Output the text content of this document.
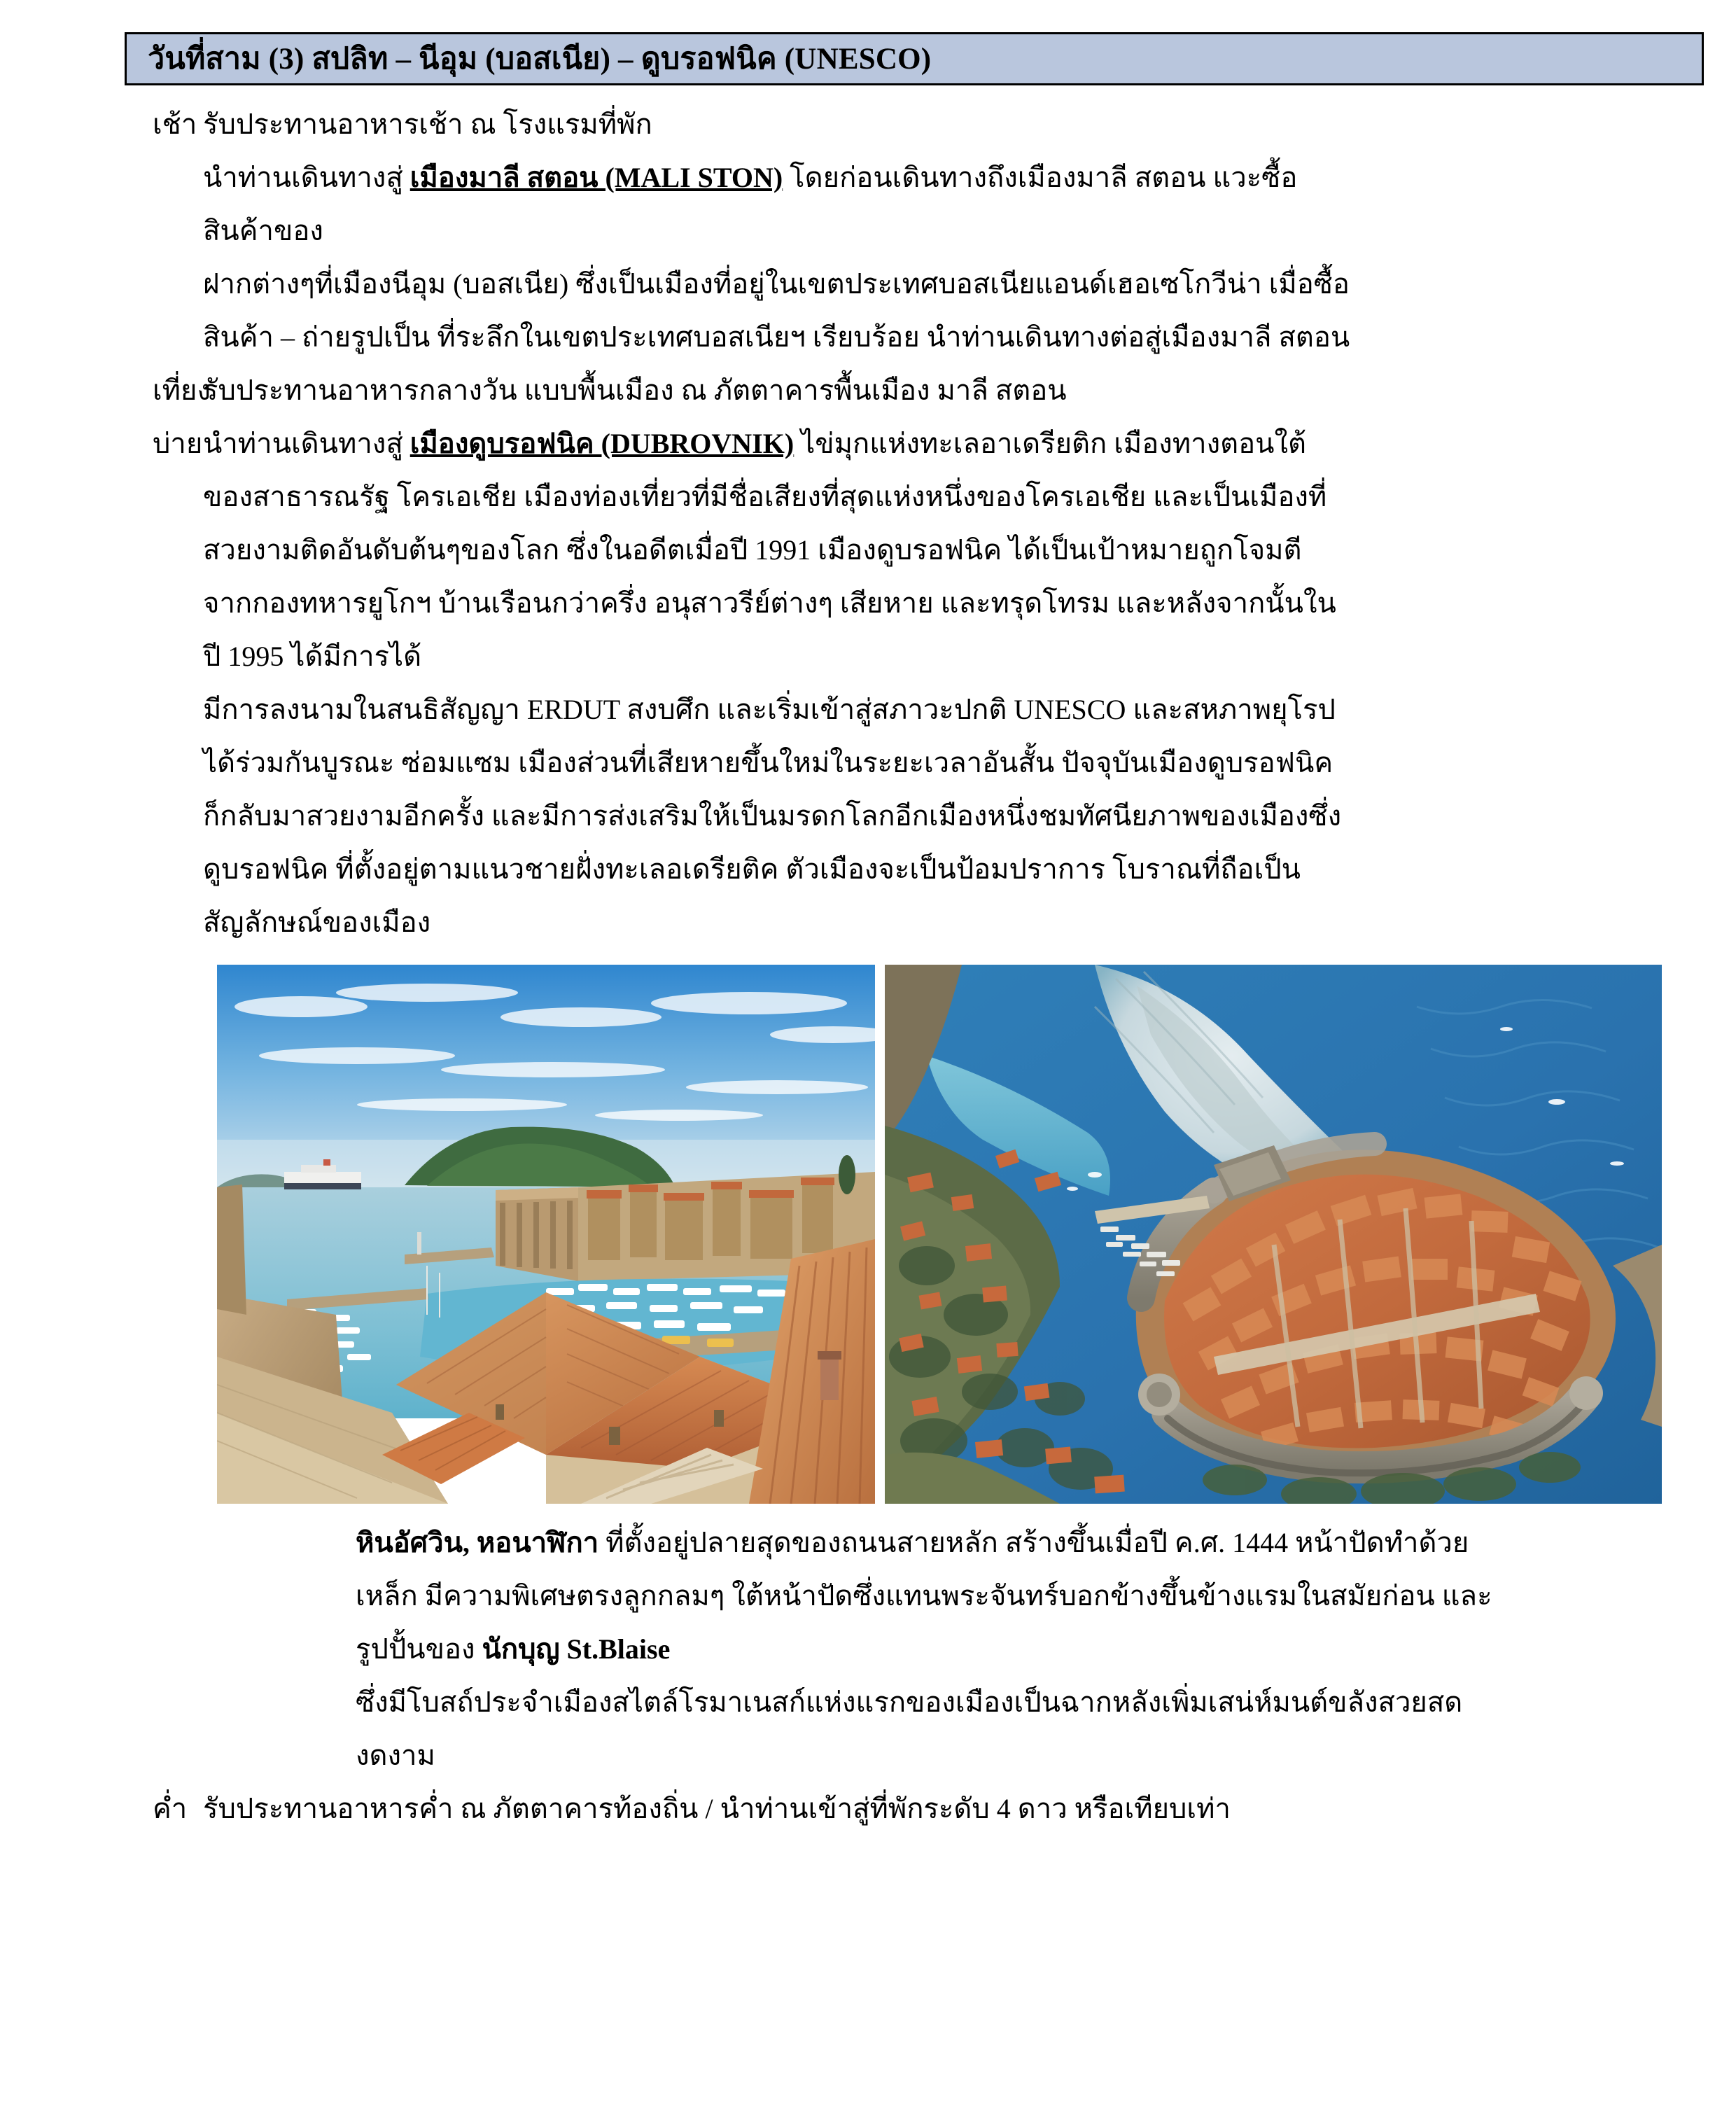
วันที่สาม (3) สปลิท – นีอุม (บอสเนีย) – ดูบรอฟนิค (UNESCO)
เช้า รับประทานอาหารเช้า ณ โรงแรมที่พัก

นำท่านเดินทางสู่ เมืองมาลี สตอน (MALI STON) โดยก่อนเดินทางถึงเมืองมาลี สตอน แวะซื้อ

สินค้าของ

ฝากต่างๆที่เมืองนีอุม (บอสเนีย) ซึ่งเป็นเมืองที่อยู่ในเขตประเทศบอสเนียแอนด์เฮอเซโกวีน่า เมื่อซื้อ

สินค้า – ถ่ายรูปเป็น ที่ระลึกในเขตประเทศบอสเนียฯ เรียบร้อย นำท่านเดินทางต่อสู่เมืองมาลี สตอน

เที่ยง

รับประทานอาหารกลางวัน แบบพื้นเมือง ณ ภัตตาคารพื้นเมือง มาลี สตอน

บ่าย นำท่านเดินทางสู่ เมืองดูบรอฟนิค (DUBROVNIK) ไข่มุกแห่งทะเลอาเดรียติก เมืองทางตอนใต้

ของสาธารณรัฐ โครเอเชีย เมืองท่องเที่ยวที่มีชื่อเสียงที่สุดแห่งหนึ่งของโครเอเชีย และเป็นเมืองที่

สวยงามติดอันดับต้นๆของโลก ซึ่งในอดีตเมื่อปี 1991 เมืองดูบรอฟนิค ได้เป็นเป้าหมายถูกโจมตี

จากกองทหารยูโกฯ บ้านเรือนกว่าครึ่ง อนุสาวรีย์ต่างๆ เสียหาย และทรุดโทรม และหลังจากนั้นใน

ปี 1995 ได้มีการได้

มีการลงนามในสนธิสัญญา ERDUT สงบศึก และเริ่มเข้าสู่สภาวะปกติ UNESCO และสหภาพยุโรป

ได้ร่วมกันบูรณะ ซ่อมแซม เมืองส่วนที่เสียหายขึ้นใหม่ในระยะเวลาอันสั้น ปัจจุบันเมืองดูบรอฟนิค

ก็กลับมาสวยงามอีกครั้ง และมีการส่งเสริมให้เป็นมรดกโลกอีกเมืองหนึ่งชมทัศนียภาพของเมืองซึ่ง

ดูบรอฟนิค ที่ตั้งอยู่ตามแนวชายฝั่งทะเลอเดรียติค ตัวเมืองจะเป็นป้อมปราการ โบราณที่ถือเป็น

สัญลักษณ์ของเมือง

หินอัศวิน, หอนาฬิกา ที่ตั้งอยู่ปลายสุดของถนนสายหลัก สร้างขึ้นเมื่อปี ค.ศ. 1444 หน้าปัดทำด้วย

เหล็ก มีความพิเศษตรงลูกกลมๆ ใต้หน้าปัดซึ่งแทนพระจันทร์บอกข้างขึ้นข้างแรมในสมัยก่อน และ

รูปปั้นของ นักบุญ St.Blaise

ซึ่งมีโบสถ์ประจำเมืองสไตล์โรมาเนสก์แห่งแรกของเมืองเป็นฉากหลังเพิ่มเสน่ห์มนต์ขลังสวยสด

งดงาม

ค่ำ รับประทานอาหารค่ำ ณ ภัตตาคารท้องถิ่น / นำท่านเข้าสู่ที่พักระดับ 4 ดาว หรือเทียบเท่า
